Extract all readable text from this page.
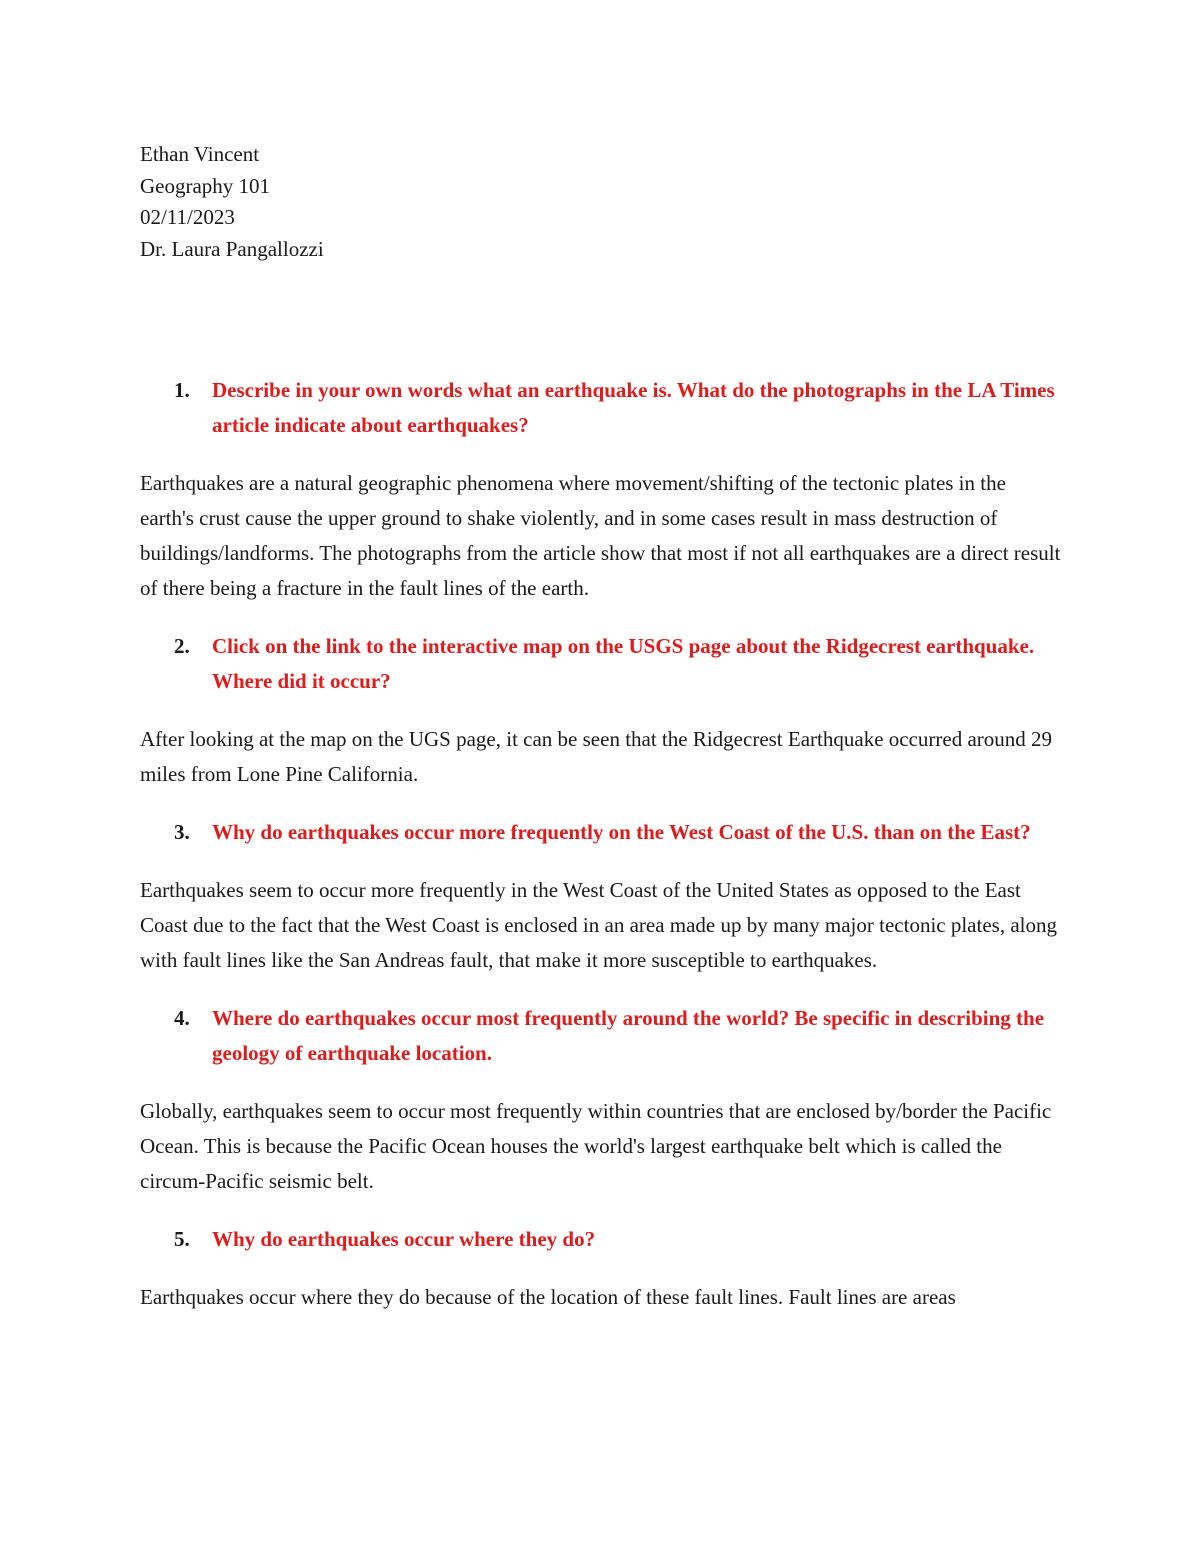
Ethan Vincent
Geography 101
02/11/2023
Dr. Laura Pangallozzi
1. Describe in your own words what an earthquake is. What do the photographs in the LA Times article indicate about earthquakes?

Earthquakes are a natural geographic phenomena where movement/shifting of the tectonic plates in the earth's crust cause the upper ground to shake violently, and in some cases result in mass destruction of buildings/landforms. The photographs from the article show that most if not all earthquakes are a direct result of there being a fracture in the fault lines of the earth.

2. Click on the link to the interactive map on the USGS page about the Ridgecrest earthquake. Where did it occur?

After looking at the map on the UGS page, it can be seen that the Ridgecrest Earthquake occurred around 29 miles from Lone Pine California.

3. Why do earthquakes occur more frequently on the West Coast of the U.S. than on the East?

Earthquakes seem to occur more frequently in the West Coast of the United States as opposed to the East Coast due to the fact that the West Coast is enclosed in an area made up by many major tectonic plates, along with fault lines like the San Andreas fault, that make it more susceptible to earthquakes.

4. Where do earthquakes occur most frequently around the world? Be specific in describing the geology of earthquake location.

Globally, earthquakes seem to occur most frequently within countries that are enclosed by/border the Pacific Ocean. This is because the Pacific Ocean houses the world's largest earthquake belt which is called the circum-Pacific seismic belt.

5. Why do earthquakes occur where they do?

Earthquakes occur where they do because of the location of these fault lines. Fault lines are areas
